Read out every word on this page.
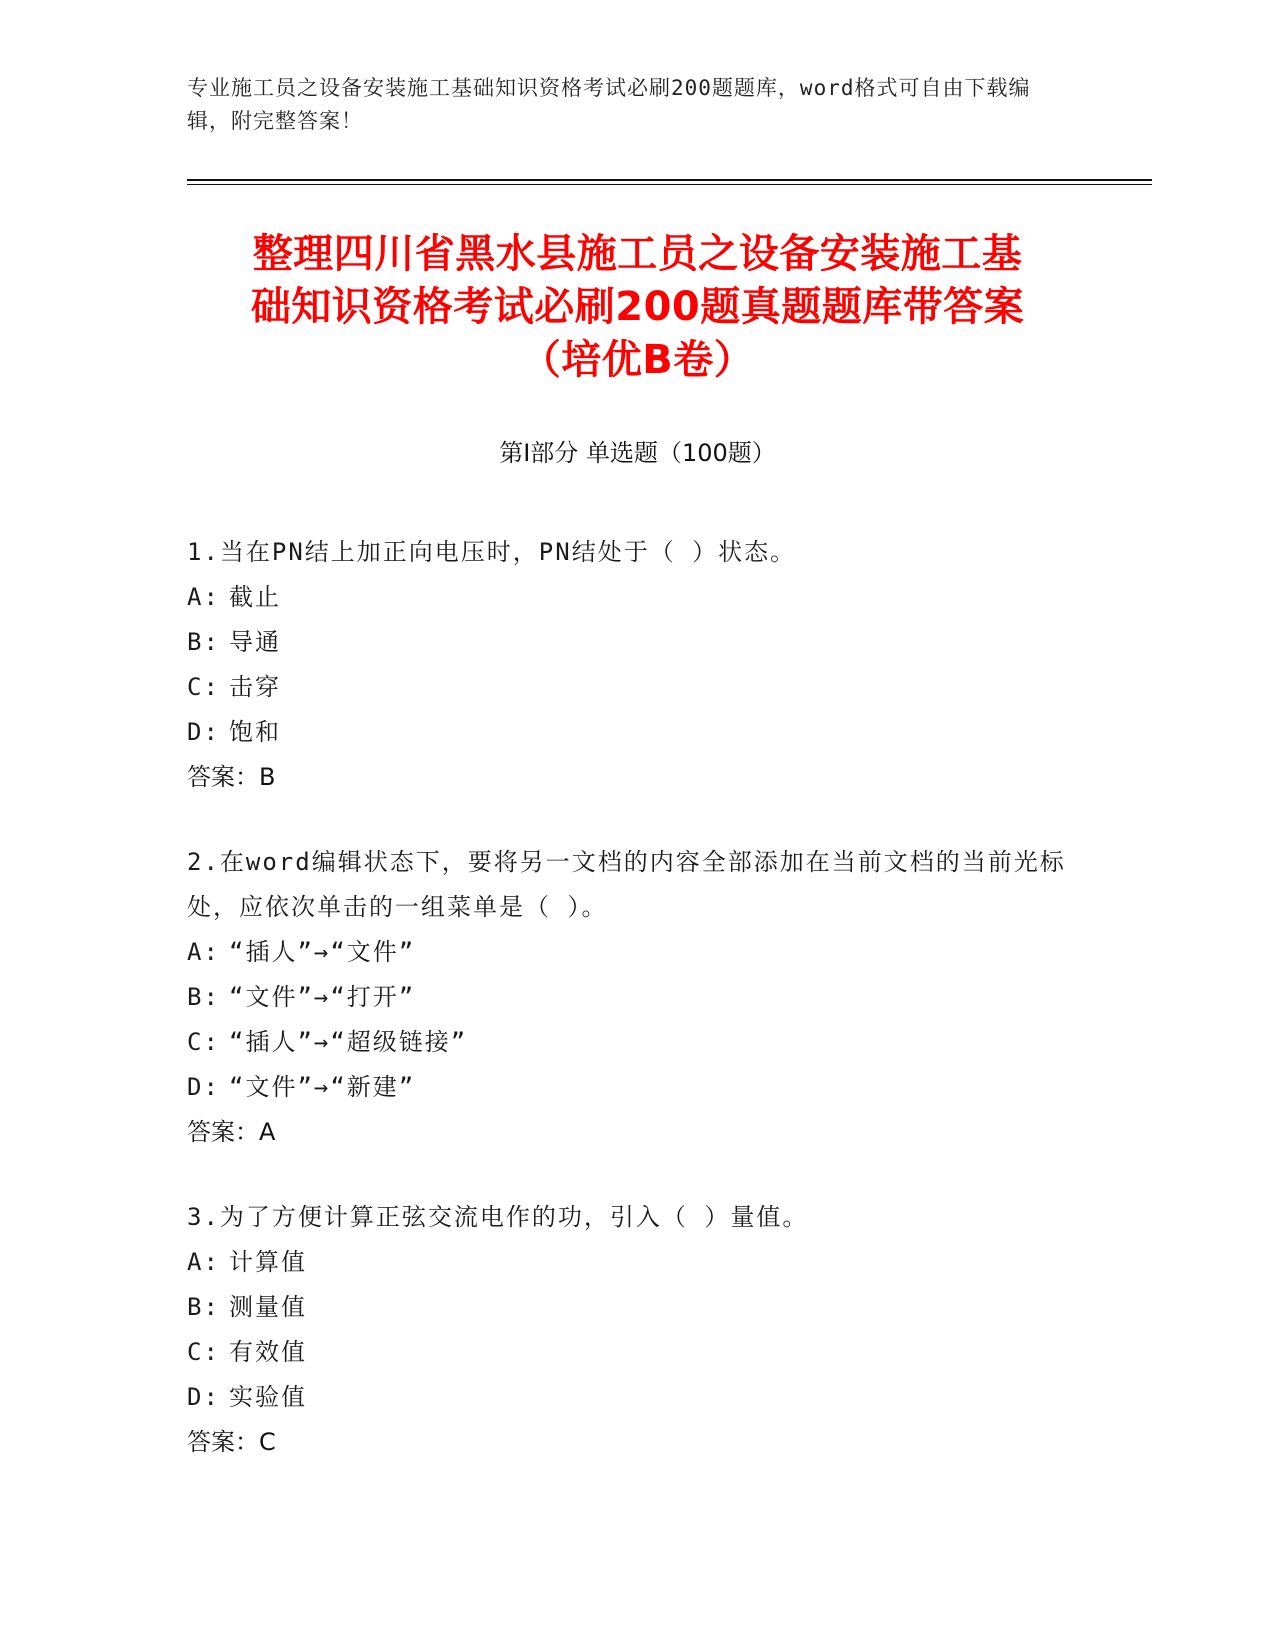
专业施工员之设备安装施工基础知识资格考试必刷200题题库，word格式可自由下载编辑，附完整答案！
整理四川省黑水县施工员之设备安装施工基
础知识资格考试必刷200题真题题库带答案
（培优B卷）
第Ⅰ部分 单选题（100题）
1.当在PN结上加正向电压时，PN结处于（ ）状态。
A: 截止
B: 导通
C: 击穿
D: 饱和
答案：B
2.在word编辑状态下，要将另一文档的内容全部添加在当前文档的当前光标处，应依次单击的一组菜单是（ ）。
A: “插人”→“文件”
B: “文件”→“打开”
C: “插人”→“超级链接”
D: “文件”→“新建”
答案：A
3.为了方便计算正弦交流电作的功，引入（ ）量值。
A: 计算值
B: 测量值
C: 有效值
D: 实验值
答案：C
